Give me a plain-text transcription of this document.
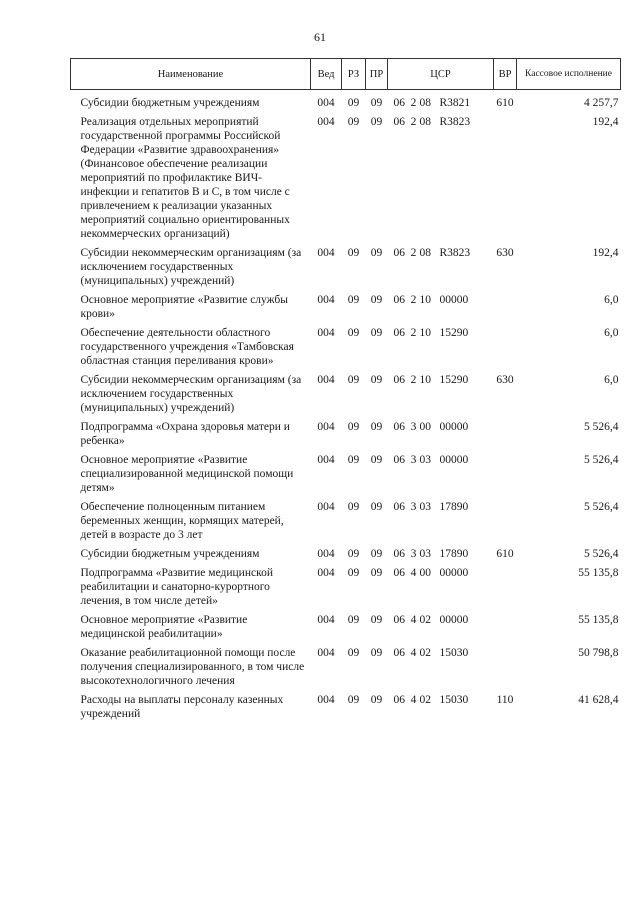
61
Наименование	Вед	РЗ	ПР	ЦСР	ВР	Кассовое исполнение
Субсидии бюджетным учреждениям	004	09	09	06 2 08 R3821	610	4 257,7
Реализация отдельных мероприятий государственной программы Российской Федерации «Развитие здравоохранения» (Финансовое обеспечение реализации мероприятий по профилактике ВИЧ-инфекции и гепатитов В и С, в том числе с привлечением к реализации указанных мероприятий социально ориентированных некоммерческих организаций)	004	09	09	06 2 08 R3823		192,4
Субсидии некоммерческим организациям (за исключением государственных (муниципальных) учреждений)	004	09	09	06 2 08 R3823	630	192,4
Основное мероприятие «Развитие службы крови»	004	09	09	06 2 10 00000		6,0
Обеспечение деятельности областного государственного учреждения «Тамбовская областная станция переливания крови»	004	09	09	06 2 10 15290		6,0
Субсидии некоммерческим организациям (за исключением государственных (муниципальных) учреждений)	004	09	09	06 2 10 15290	630	6,0
Подпрограмма «Охрана здоровья матери и ребенка»	004	09	09	06 3 00 00000		5 526,4
Основное мероприятие «Развитие специализированной медицинской помощи детям»	004	09	09	06 3 03 00000		5 526,4
Обеспечение полноценным питанием беременных женщин, кормящих матерей, детей в возрасте до 3 лет	004	09	09	06 3 03 17890		5 526,4
Субсидии бюджетным учреждениям	004	09	09	06 3 03 17890	610	5 526,4
Подпрограмма «Развитие медицинской реабилитации и санаторно-курортного лечения, в том числе детей»	004	09	09	06 4 00 00000		55 135,8
Основное мероприятие «Развитие медицинской реабилитации»	004	09	09	06 4 02 00000		55 135,8
Оказание реабилитационной помощи после получения специализированного, в том числе высокотехнологичного лечения	004	09	09	06 4 02 15030		50 798,8
Расходы на выплаты персоналу казенных учреждений	004	09	09	06 4 02 15030	110	41 628,4
